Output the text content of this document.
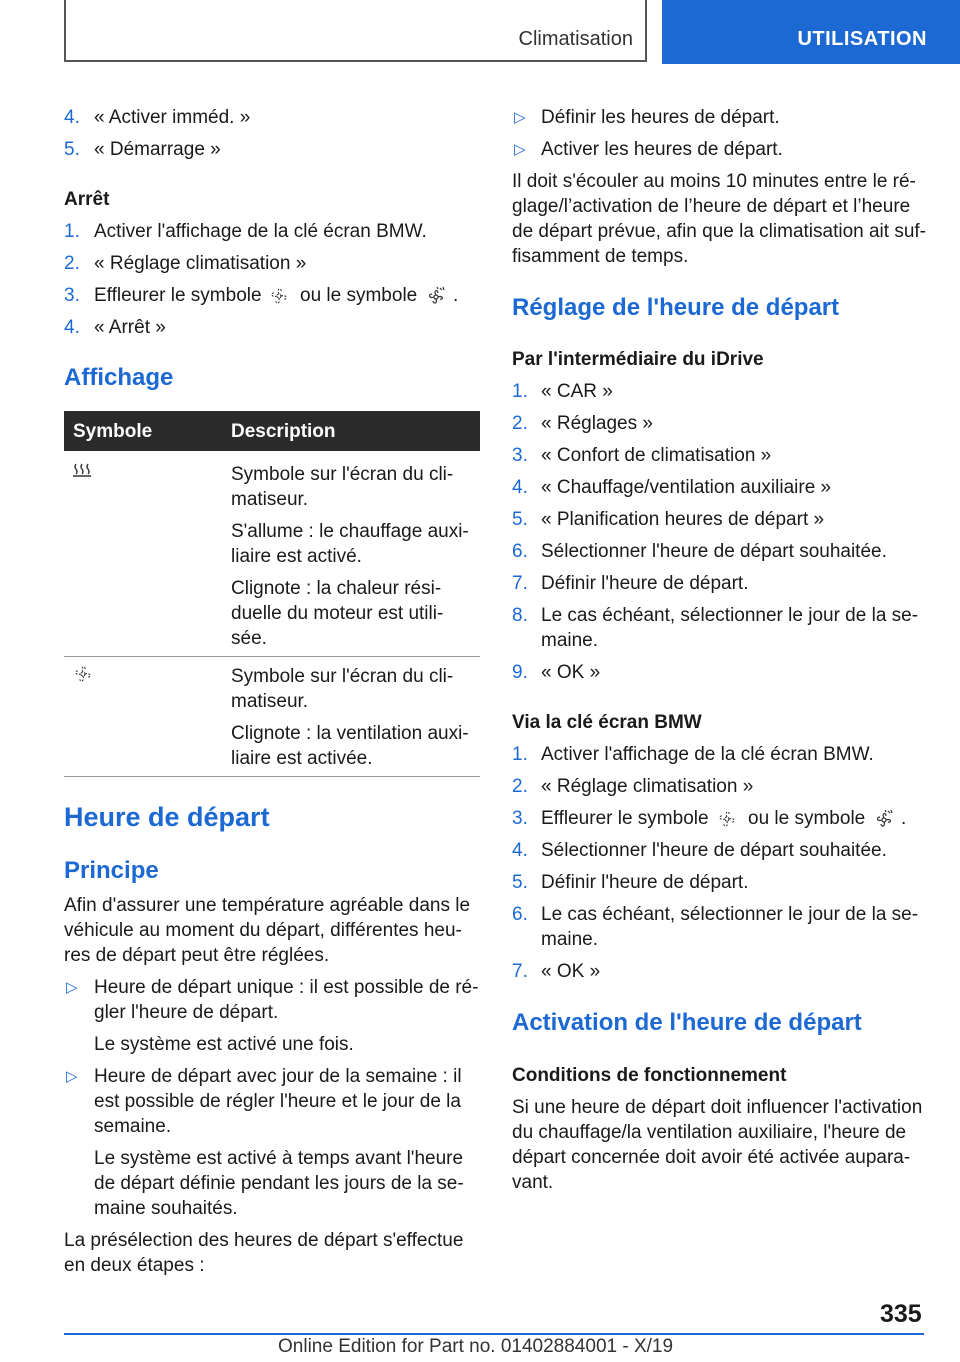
Climatisation	UTILISATION
4. « Activer imméd. »
5. « Démarrage »
Arrêt
1. Activer l'affichage de la clé écran BMW.
2. « Réglage climatisation »
3. Effleurer le symbole ou le symbole .
4. « Arrêt »
Affichage
Symbole	Description
Symbole sur l'écran du cli-
matiseur.
S'allume : le chauffage auxi-
liaire est activé.
Clignote : la chaleur rési-
duelle du moteur est utili-
sée.
Symbole sur l'écran du cli-
matiseur.
Clignote : la ventilation auxi-
liaire est activée.
Heure de départ
Principe
Afin d'assurer une température agréable dans le
véhicule au moment du départ, différentes heu-
res de départ peut être réglées.
▷ Heure de départ unique : il est possible de ré-
gler l'heure de départ.
Le système est activé une fois.
▷ Heure de départ avec jour de la semaine : il
est possible de régler l'heure et le jour de la
semaine.
Le système est activé à temps avant l'heure
de départ définie pendant les jours de la se-
maine souhaités.
La présélection des heures de départ s'effectue
en deux étapes :
▷ Définir les heures de départ.
▷ Activer les heures de départ.
Il doit s'écouler au moins 10 minutes entre le ré-
glage/l’activation de l’heure de départ et l’heure
de départ prévue, afin que la climatisation ait suf-
fisamment de temps.
Réglage de l'heure de départ
Par l'intermédiaire du iDrive
1. « CAR »
2. « Réglages »
3. « Confort de climatisation »
4. « Chauffage/ventilation auxiliaire »
5. « Planification heures de départ »
6. Sélectionner l'heure de départ souhaitée.
7. Définir l'heure de départ.
8. Le cas échéant, sélectionner le jour de la se-
maine.
9. « OK »
Via la clé écran BMW
1. Activer l'affichage de la clé écran BMW.
2. « Réglage climatisation »
3. Effleurer le symbole ou le symbole .
4. Sélectionner l'heure de départ souhaitée.
5. Définir l'heure de départ.
6. Le cas échéant, sélectionner le jour de la se-
maine.
7. « OK »
Activation de l'heure de départ
Conditions de fonctionnement
Si une heure de départ doit influencer l'activation
du chauffage/la ventilation auxiliaire, l'heure de
départ concernée doit avoir été activée aupara-
vant.
335
Online Edition for Part no. 01402884001 - X/19
